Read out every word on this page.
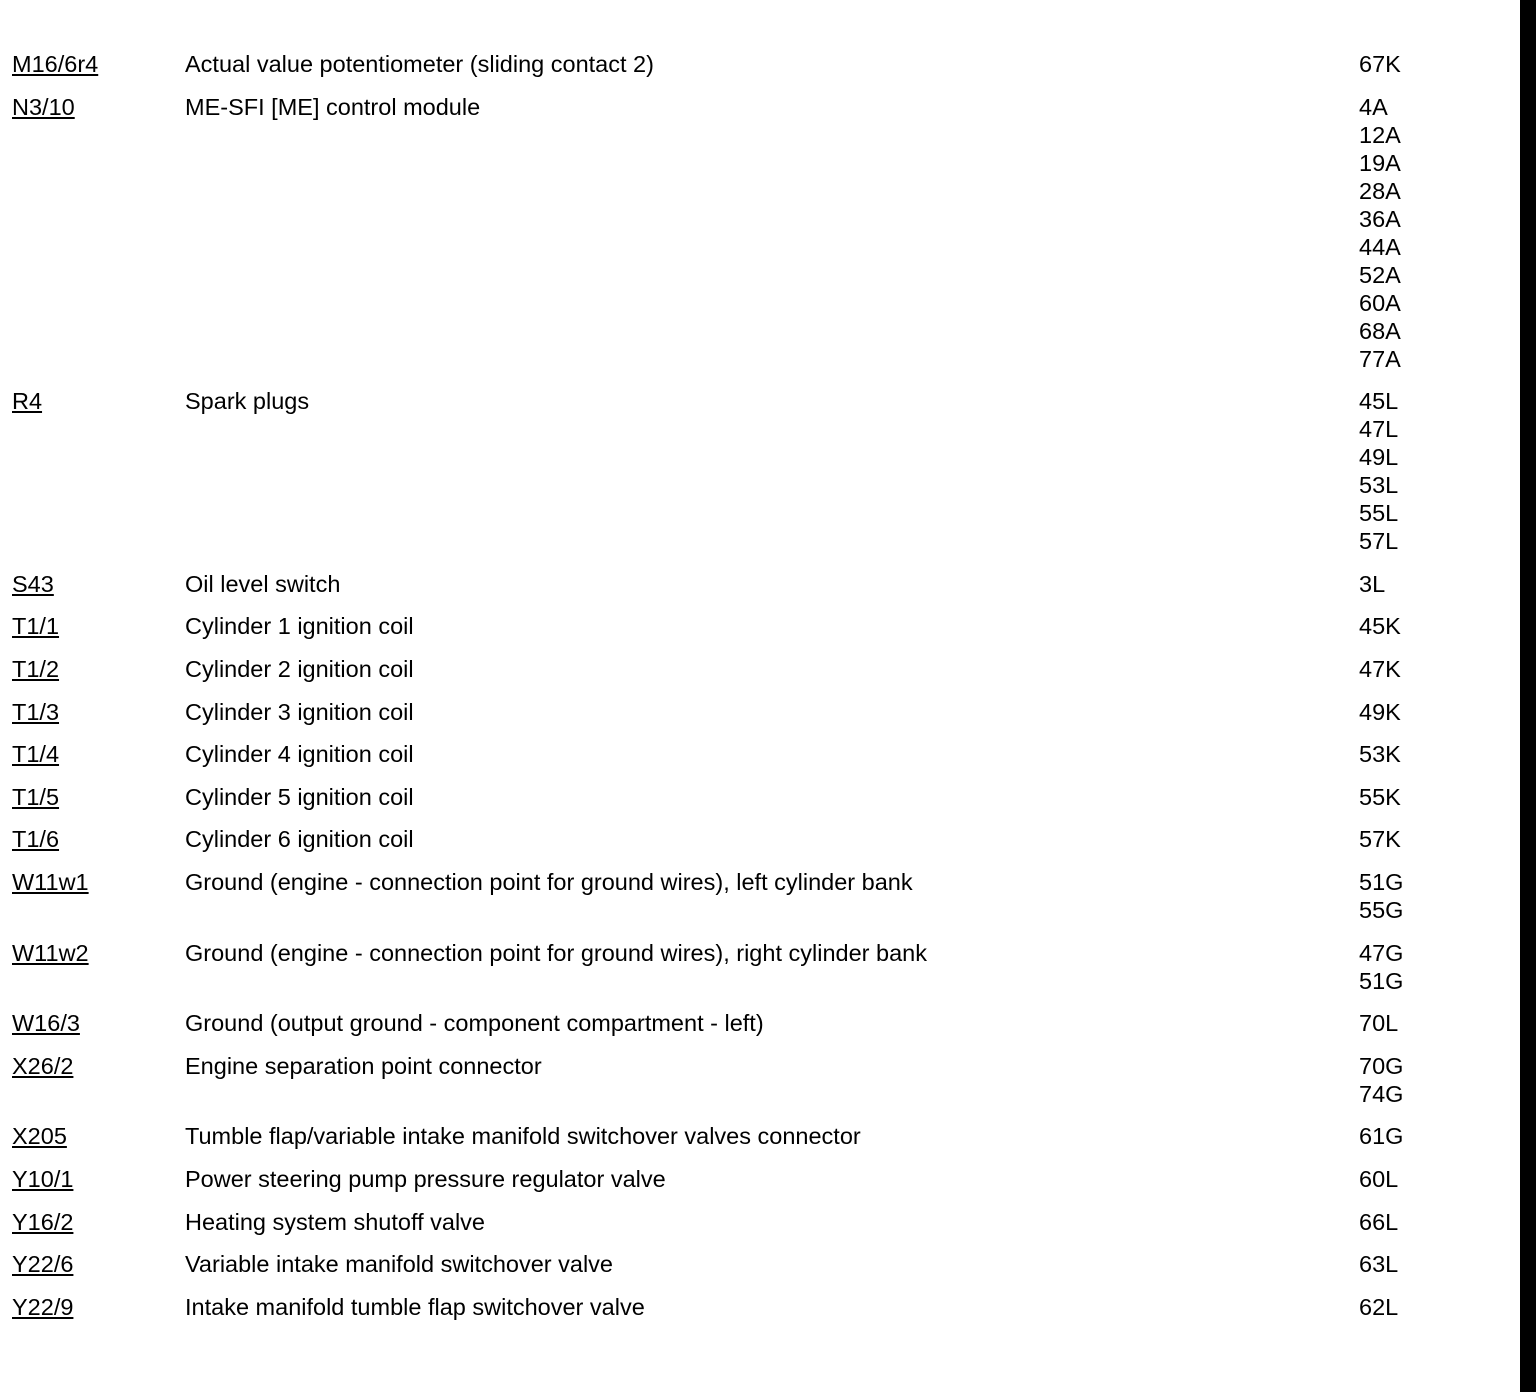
M16/6r4	Actual value potentiometer (sliding contact 2)	67K
N3/10	ME-SFI [ME] control module	4A
12A
19A
28A
36A
44A
52A
60A
68A
77A
R4	Spark plugs	45L
47L
49L
53L
55L
57L
S43	Oil level switch	3L
T1/1	Cylinder 1 ignition coil	45K
T1/2	Cylinder 2 ignition coil	47K
T1/3	Cylinder 3 ignition coil	49K
T1/4	Cylinder 4 ignition coil	53K
T1/5	Cylinder 5 ignition coil	55K
T1/6	Cylinder 6 ignition coil	57K
W11w1	Ground (engine - connection point for ground wires), left cylinder bank	51G
55G
W11w2	Ground (engine - connection point for ground wires), right cylinder bank	47G
51G
W16/3	Ground (output ground - component compartment - left)	70L
X26/2	Engine separation point connector	70G
74G
X205	Tumble flap/variable intake manifold switchover valves connector	61G
Y10/1	Power steering pump pressure regulator valve	60L
Y16/2	Heating system shutoff valve	66L
Y22/6	Variable intake manifold switchover valve	63L
Y22/9	Intake manifold tumble flap switchover valve	62L
